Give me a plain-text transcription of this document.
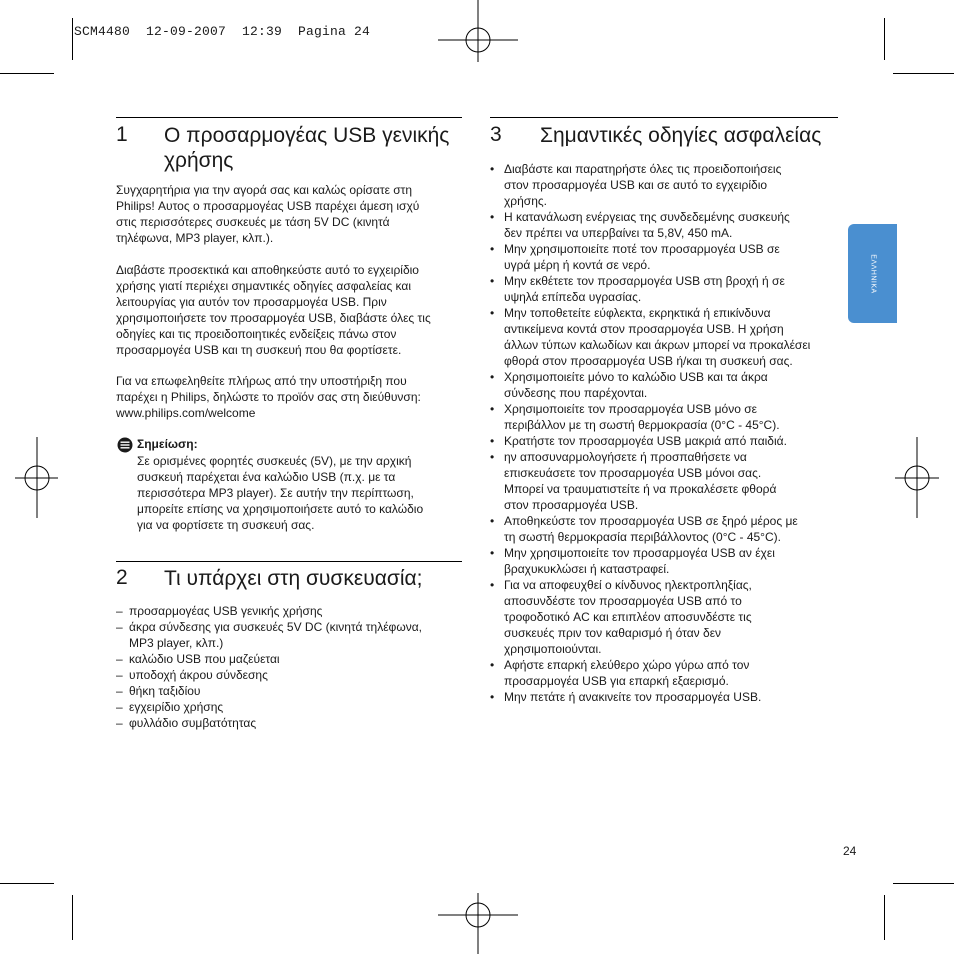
SCM4480  12-09-2007  12:39  Pagina 24
ΕΛΛΗΝΙΚΑ
1 Ο προσαρμογέας USB γενικής
χρήσης
Συγχαρητήρια για την αγορά σας και καλώς ορίσατε στη
Philips! Αυτος ο προσαρμογέας USB παρέχει άμεση ισχύ
στις περισσότερες συσκευές με τάση 5V DC (κινητά
τηλέφωνα, MP3 player, κλπ.).
Διαβάστε προσεκτικά και αποθηκεύστε αυτό το εγχειρίδιο
χρήσης γιατί περιέχει σημαντικές οδηγίες ασφαλείας και
λειτουργίας για αυτόν τον προσαρμογέα USB. Πριν
χρησιμοποιήσετε τον προσαρμογέα USB, διαβάστε όλες τις
οδηγίες και τις προειδοποιητικές ενδείξεις πάνω στον
προσαρμογέα USB και τη συσκευή που θα φορτίσετε.
Για να επωφεληθείτε πλήρως από την υποστήριξη που
παρέχει η Philips, δηλώστε το προϊόν σας στη διεύθυνση:
www.philips.com/welcome
Σημείωση:
Σε ορισμένες φορητές συσκευές (5V), με την αρχική
συσκευή παρέχεται ένα καλώδιο USB (π.χ. με τα
περισσότερα MP3 player). Σε αυτήν την περίπτωση,
μπορείτε επίσης να χρησιμοποιήσετε αυτό το καλώδιο
για να φορτίσετε τη συσκευή σας.
2 Τι υπάρχει στη συσκευασία;
– προσαρμογέας USB γενικής χρήσης
– άκρα σύνδεσης για συσκευές 5V DC (κινητά τηλέφωνα,
MP3 player, κλπ.)
– καλώδιο USB που μαζεύεται
– υποδοχή άκρου σύνδεσης
– θήκη ταξιδίου
– εγχειρίδιο χρήσης
– φυλλάδιο συμβατότητας
3 Σημαντικές οδηγίες ασφαλείας
• Διαβάστε και παρατηρήστε όλες τις προειδοποιήσεις
στον προσαρμογέα USB και σε αυτό το εγχειρίδιο
χρήσης.
• Η κατανάλωση ενέργειας της συνδεδεμένης συσκευής
δεν πρέπει να υπερβαίνει τα 5,8V, 450 mA.
• Μην χρησιμοποιείτε ποτέ τον προσαρμογέα USB σε
υγρά μέρη ή κοντά σε νερό.
• Μην εκθέτετε τον προσαρμογέα USB στη βροχή ή σε
υψηλά επίπεδα υγρασίας.
• Μην τοποθετείτε εύφλεκτα, εκρηκτικά ή επικίνδυνα
αντικείμενα κοντά στον προσαρμογέα USB. Η χρήση
άλλων τύπων καλωδίων και άκρων μπορεί να προκαλέσει
φθορά στον προσαρμογέα USB ή/και τη συσκευή σας.
• Χρησιμοποιείτε μόνο το καλώδιο USB και τα άκρα
σύνδεσης που παρέχονται.
• Χρησιμοποιείτε τον προσαρμογέα USB μόνο σε
περιβάλλον με τη σωστή θερμοκρασία (0°C - 45°C).
• Κρατήστε τον προσαρμογέα USB μακριά από παιδιά.
• ην αποσυναρμολογήσετε ή προσπαθήσετε να
επισκευάσετε τον προσαρμογέα USB μόνοι σας.
Μπορεί να τραυματιστείτε ή να προκαλέσετε φθορά
στον προσαρμογέα USB.
• Αποθηκεύστε τον προσαρμογέα USB σε ξηρό μέρος με
τη σωστή θερμοκρασία περιβάλλοντος (0°C - 45°C).
• Μην χρησιμοποιείτε τον προσαρμογέα USB αν έχει
βραχυκυκλώσει ή καταστραφεί.
• Για να αποφευχθεί ο κίνδυνος ηλεκτροπληξίας,
αποσυνδέστε τον προσαρμογέα USB από το
τροφοδοτικό AC και επιπλέον αποσυνδέστε τις
συσκευές πριν τον καθαρισμό ή όταν δεν
χρησιμοποιούνται.
• Αφήστε επαρκή ελεύθερο χώρο γύρω από τον
προσαρμογέα USB για επαρκή εξαερισμό.
• Μην πετάτε ή ανακινείτε τον προσαρμογέα USB.
24
